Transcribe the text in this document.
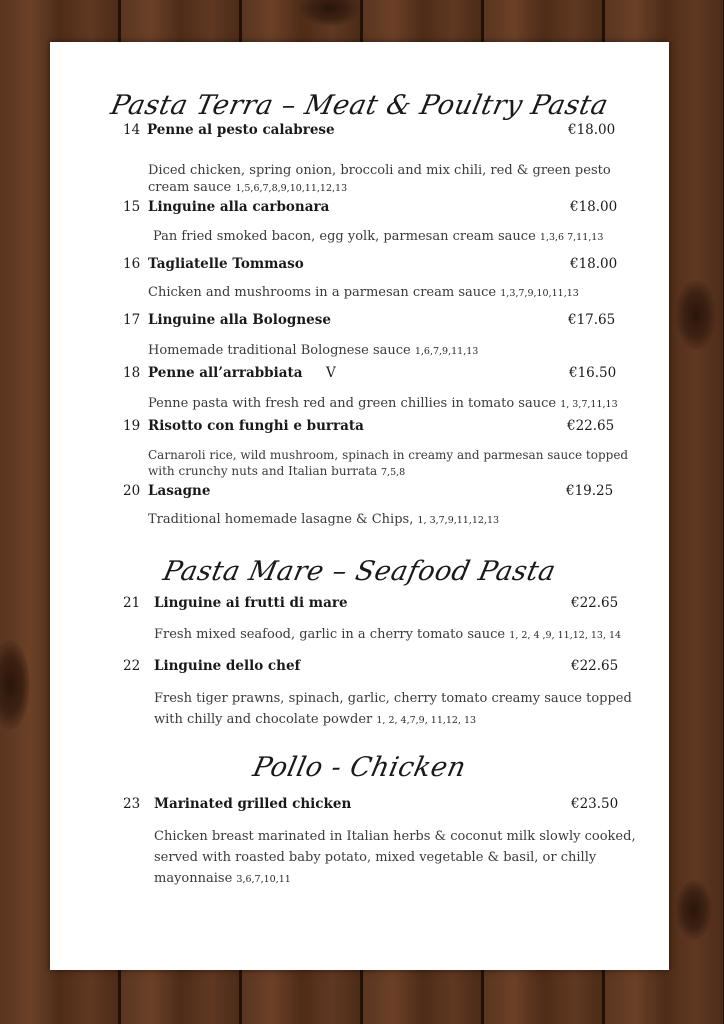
Pasta Terra – Meat & Poultry Pasta
14 Penne al pesto calabrese	€18.00
Diced chicken, spring onion, broccoli and mix chili, red & green pesto
cream sauce 1,5,6,7,8,9,10,11,12,13
15 Linguine alla carbonara	€18.00
Pan fried smoked bacon, egg yolk, parmesan cream sauce 1,3,6 7,11,13
16 Tagliatelle Tommaso	€18.00
Chicken and mushrooms in a parmesan cream sauce 1,3,7,9,10,11,13
17 Linguine alla Bolognese	€17.65
Homemade traditional Bolognese sauce 1,6,7,9,11,13
18 Penne all’arrabbiata V	€16.50
Penne pasta with fresh red and green chillies in tomato sauce 1, 3,7,11,13
19 Risotto con funghi e burrata	€22.65
Carnaroli rice, wild mushroom, spinach in creamy and parmesan sauce topped
with crunchy nuts and Italian burrata 7,5,8
20 Lasagne	€19.25
Traditional homemade lasagne & Chips, 1, 3,7,9,11,12,13
Pasta Mare – Seafood Pasta
21 Linguine ai frutti di mare	€22.65
Fresh mixed seafood, garlic in a cherry tomato sauce 1, 2, 4 ,9, 11,12, 13, 14
22 Linguine dello chef	€22.65
Fresh tiger prawns, spinach, garlic, cherry tomato creamy sauce topped
with chilly and chocolate powder 1, 2, 4,7,9, 11,12, 13
Pollo - Chicken
23 Marinated grilled chicken	€23.50
Chicken breast marinated in Italian herbs & coconut milk slowly cooked,
served with roasted baby potato, mixed vegetable & basil, or chilly
mayonnaise 3,6,7,10,11
